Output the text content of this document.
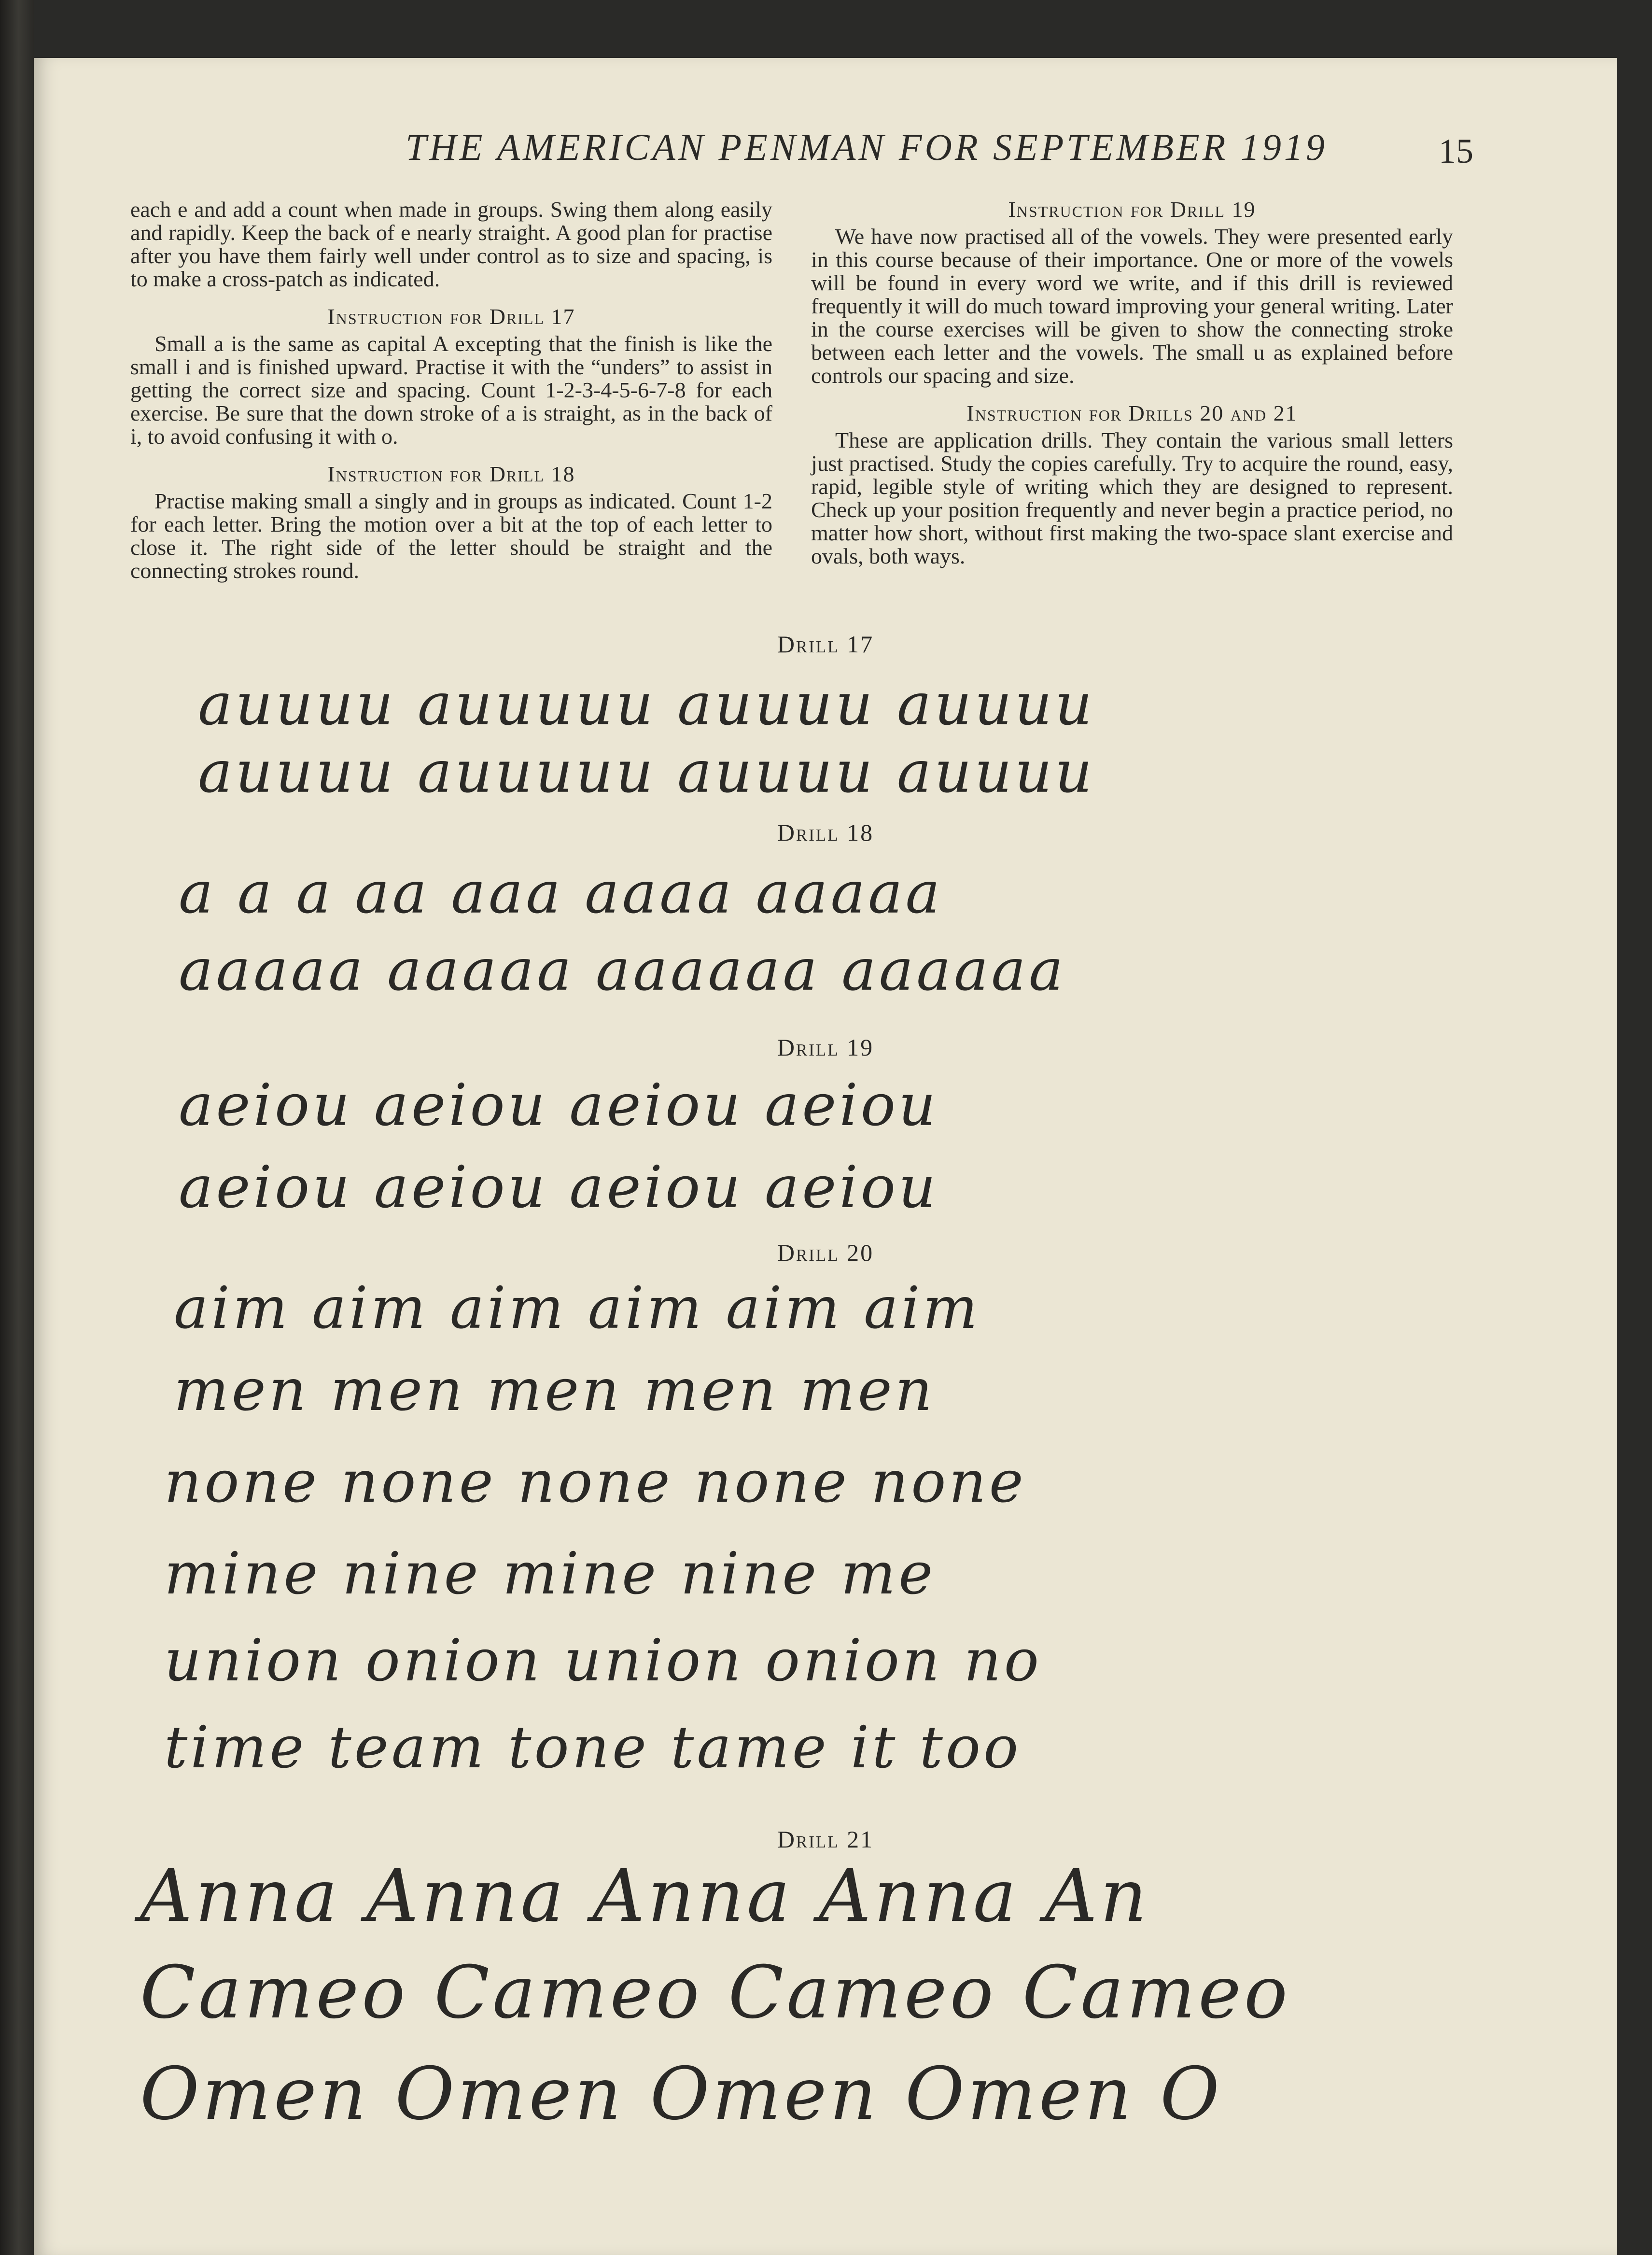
THE AMERICAN PENMAN FOR SEPTEMBER 1919	15

each e and add a count when made in groups. Swing them along easily and rapidly. Keep the back of e nearly straight. A good plan for practise after you have them fairly well under control as to size and spacing, is to make a cross-patch as indicated.

Instruction for Drill 17

Small a is the same as capital A excepting that the finish is like the small i and is finished upward. Practise it with the “unders” to assist in getting the correct size and spacing. Count 1-2-3-4-5-6-7-8 for each exercise. Be sure that the down stroke of a is straight, as in the back of i, to avoid confusing it with o.

Instruction for Drill 18

Practise making small a singly and in groups as indicated. Count 1-2 for each letter. Bring the motion over a bit at the top of each letter to close it. The right side of the letter should be straight and the connecting strokes round.

Instruction for Drill 19

We have now practised all of the vowels. They were presented early in this course because of their importance. One or more of the vowels will be found in every word we write, and if this drill is reviewed frequently it will do much toward improving your general writing. Later in the course exercises will be given to show the connecting stroke between each letter and the vowels. The small u as explained before controls our spacing and size.

Instruction for Drills 20 and 21

These are application drills. They contain the various small letters just practised. Study the copies carefully. Try to acquire the round, easy, rapid, legible style of writing which they are designed to represent. Check up your position frequently and never begin a practice period, no matter how short, without first making the two-space slant exercise and ovals, both ways.

Drill 17
auuuu auuuuu auuuu auuuu
auuuu auuuuu auuuu auuuu
Drill 18
a a a aa aaa aaaa aaaaa
aaaaa aaaaa aaaaaa aaaaaa
Drill 19
aeiou aeiou aeiou aeiou
aeiou aeiou aeiou aeiou
Drill 20
aim aim aim aim aim aim
men men men men men
none none none none none
mine nine mine nine me
union onion union onion no
time team tone tame it too
Drill 21
Anna Anna Anna Anna An
Cameo Cameo Cameo Cameo
Omen Omen Omen Omen O
